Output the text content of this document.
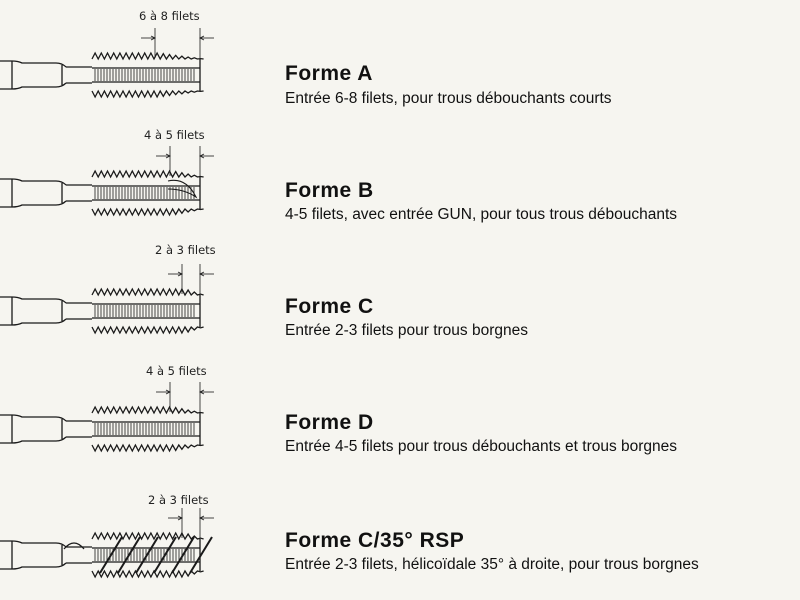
6 à 8 filets
Forme A
Entrée 6-8 filets, pour trous débouchants courts
4 à 5 filets
Forme B
4-5 filets, avec entrée GUN, pour tous trous débouchants
2 à 3 filets
Forme C
Entrée 2-3 filets pour trous borgnes
4 à 5 filets
Forme D
Entrée 4-5 filets pour trous débouchants et trous borgnes
2 à 3 filets
Forme C/35° RSP
Entrée 2-3 filets, hélicoïdale 35° à droite, pour trous borgnes
